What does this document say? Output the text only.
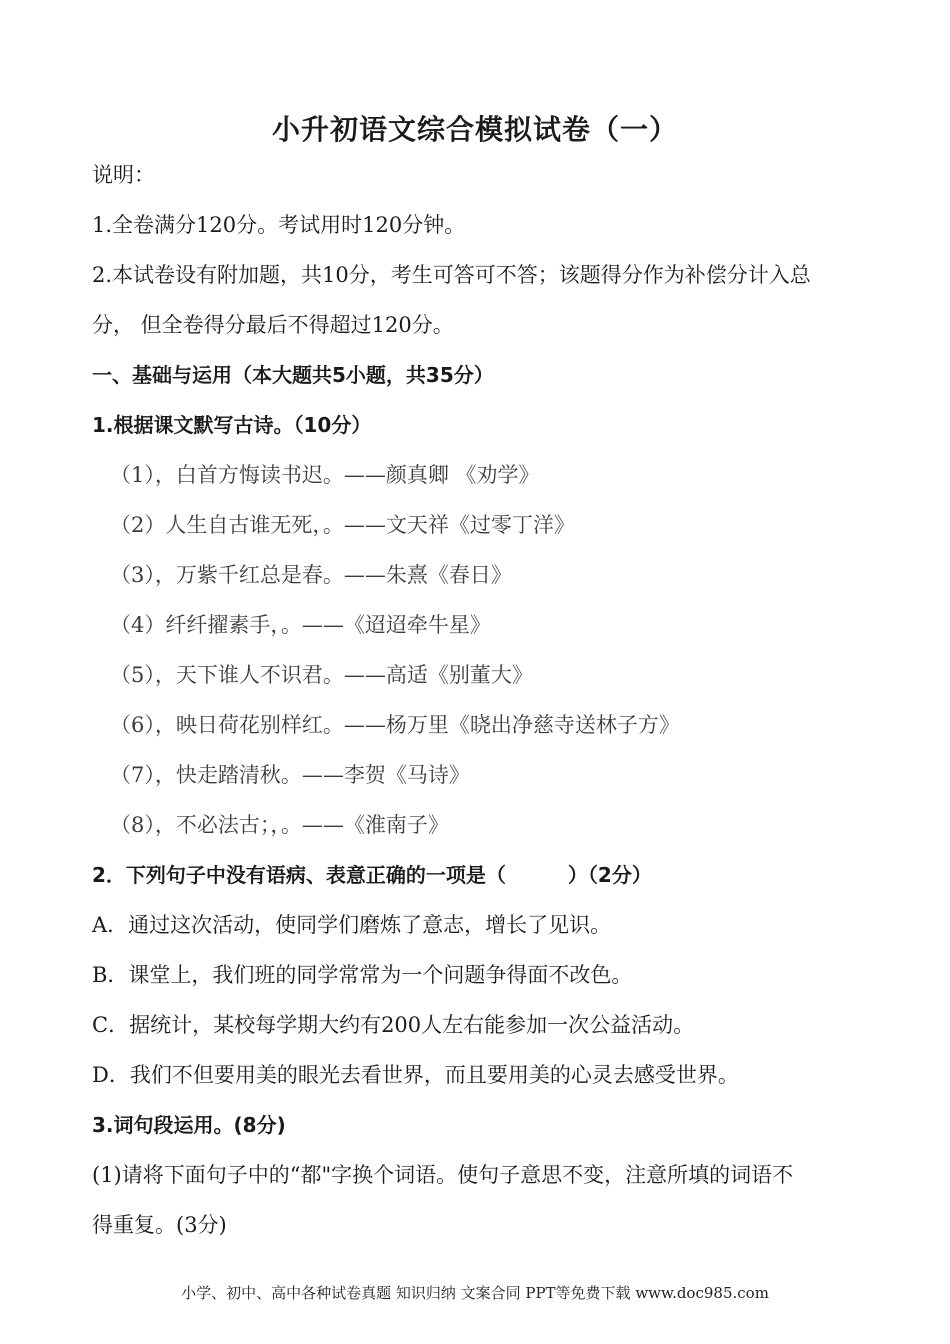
小升初语文综合模拟试卷（一）
说明：
1.全卷满分120分。考试用时120分钟。
2.本试卷设有附加题，共10分，考生可答可不答；该题得分作为补偿分计入总
分， 但全卷得分最后不得超过120分。
一、基础与运用（本大题共5小题，共35分）
1.根据课文默写古诗。（10分）
（1），白首方悔读书迟。——颜真卿 《劝学》
（2）人生自古谁无死，。——文天祥《过零丁洋》
（3），万紫千红总是春。——朱熹《春日》
（4）纤纤擢素手，。——《迢迢牵牛星》
（5），天下谁人不识君。——高适《别董大》
（6），映日荷花别样红。——杨万里《晓出净慈寺送林子方》
（7），快走踏清秋。——李贺《马诗》
（8），不必法古；，。——《淮南子》
2．下列句子中没有语病、表意正确的一项是（	）（2分）
A．通过这次活动，使同学们磨炼了意志，增长了见识。
B．课堂上，我们班的同学常常为一个问题争得面不改色。
C．据统计，某校每学期大约有200人左右能参加一次公益活动。
D．我们不但要用美的眼光去看世界，而且要用美的心灵去感受世界。
3.词句段运用。(8分)
(1)请将下面句子中的“都"字换个词语。使句子意思不变，注意所填的词语不
得重复。(3分)
小学、初中、高中各种试卷真题 知识归纳 文案合同 PPT等免费下载 www.doc985.com
